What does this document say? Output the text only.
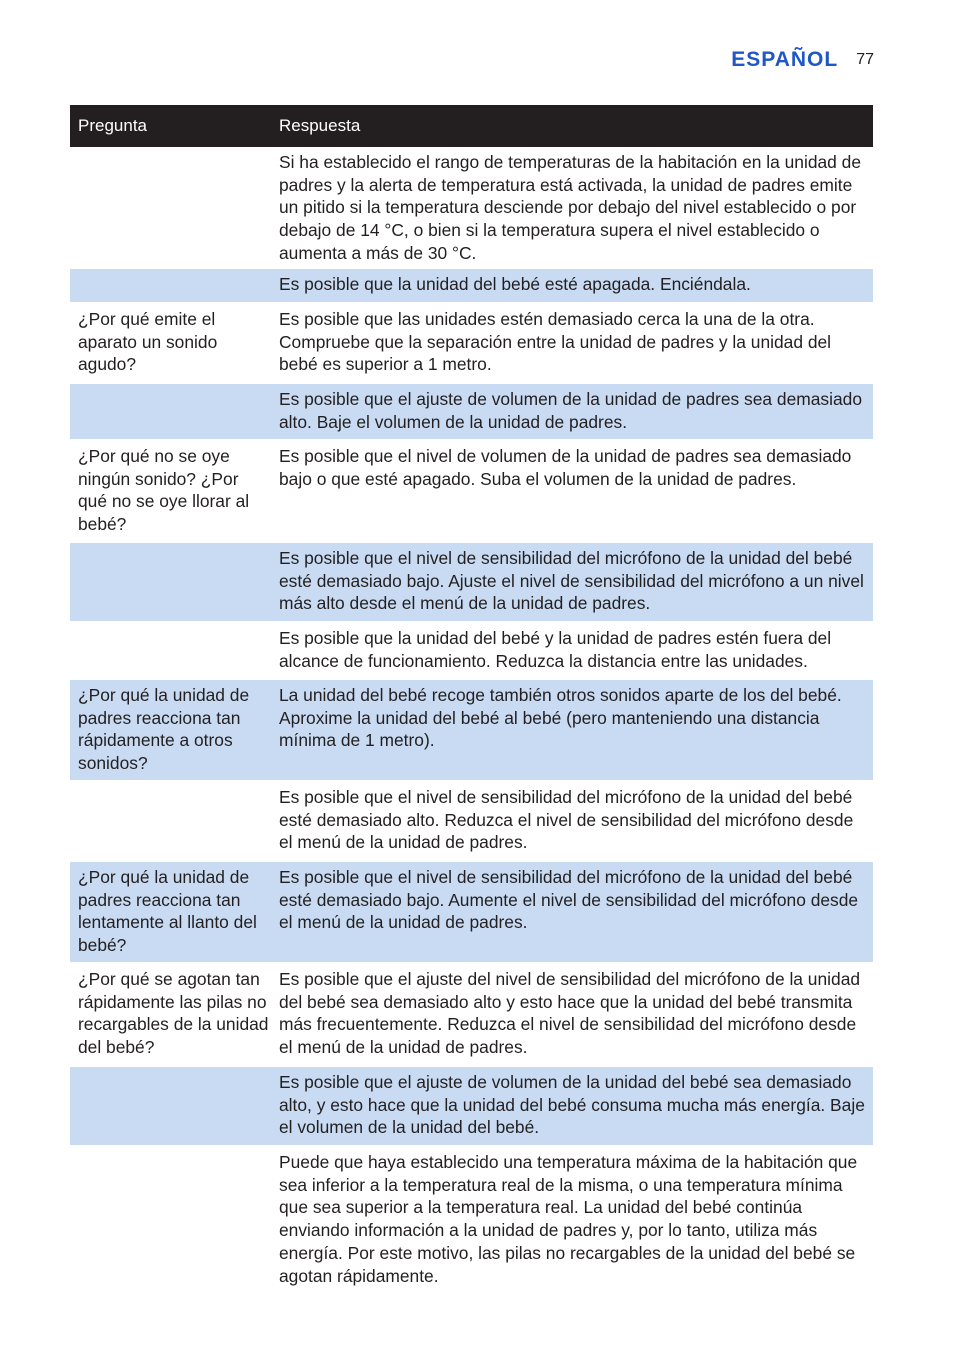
ESPAÑOL 77
Pregunta	Respuesta
Si ha establecido el rango de temperaturas de la habitación en la unidad de padres y la alerta de temperatura está activada, la unidad de padres emite un pitido si la temperatura desciende por debajo del nivel establecido o por debajo de 14 °C, o bien si la temperatura supera el nivel establecido o aumenta a más de 30 °C.
Es posible que la unidad del bebé esté apagada. Enciéndala.
¿Por qué emite el aparato un sonido agudo?
Es posible que las unidades estén demasiado cerca la una de la otra. Compruebe que la separación entre la unidad de padres y la unidad del bebé es superior a 1 metro.
Es posible que el ajuste de volumen de la unidad de padres sea demasiado alto. Baje el volumen de la unidad de padres.
¿Por qué no se oye ningún sonido? ¿Por qué no se oye llorar al bebé?
Es posible que el nivel de volumen de la unidad de padres sea demasiado bajo o que esté apagado. Suba el volumen de la unidad de padres.
Es posible que el nivel de sensibilidad del micrófono de la unidad del bebé esté demasiado bajo. Ajuste el nivel de sensibilidad del micrófono a un nivel más alto desde el menú de la unidad de padres.
Es posible que la unidad del bebé y la unidad de padres estén fuera del alcance de funcionamiento. Reduzca la distancia entre las unidades.
¿Por qué la unidad de padres reacciona tan rápidamente a otros sonidos?
La unidad del bebé recoge también otros sonidos aparte de los del bebé. Aproxime la unidad del bebé al bebé (pero manteniendo una distancia mínima de 1 metro).
Es posible que el nivel de sensibilidad del micrófono de la unidad del bebé esté demasiado alto. Reduzca el nivel de sensibilidad del micrófono desde el menú de la unidad de padres.
¿Por qué la unidad de padres reacciona tan lentamente al llanto del bebé?
Es posible que el nivel de sensibilidad del micrófono de la unidad del bebé esté demasiado bajo. Aumente el nivel de sensibilidad del micrófono desde el menú de la unidad de padres.
¿Por qué se agotan tan rápidamente las pilas no recargables de la unidad del bebé?
Es posible que el ajuste del nivel de sensibilidad del micrófono de la unidad del bebé sea demasiado alto y esto hace que la unidad del bebé transmita más frecuentemente. Reduzca el nivel de sensibilidad del micrófono desde el menú de la unidad de padres.
Es posible que el ajuste de volumen de la unidad del bebé sea demasiado alto, y esto hace que la unidad del bebé consuma mucha más energía. Baje el volumen de la unidad del bebé.
Puede que haya establecido una temperatura máxima de la habitación que sea inferior a la temperatura real de la misma, o una temperatura mínima que sea superior a la temperatura real. La unidad del bebé continúa enviando información a la unidad de padres y, por lo tanto, utiliza más energía. Por este motivo, las pilas no recargables de la unidad del bebé se agotan rápidamente.
